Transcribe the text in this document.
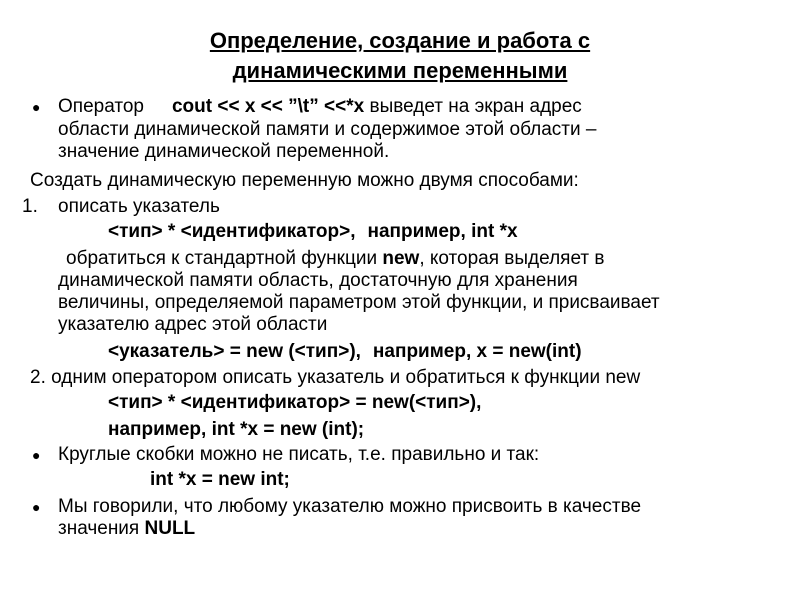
Определение, создание и работа с
динамическими переменными
● Оператор cout << x << ”\t” <<*x выведет на экран адрес
области динамической памяти и содержимое этой области –
значение динамической переменной.
Создать динамическую переменную можно двумя способами:
1. описать указатель
<тип> * <идентификатор>, например, int *x
обратиться к стандартной функции new, которая выделяет в
динамической памяти область, достаточную для хранения
величины, определяемой параметром этой функции, и присваивает
указателю адрес этой области
<указатель> = new (<тип>), например, x = new(int)
2. одним оператором описать указатель и обратиться к функции new
<тип> * <идентификатор> = new(<тип>),
например, int *x = new (int);
● Круглые скобки можно не писать, т.е. правильно и так:
int *x = new int;
● Мы говорили, что любому указателю можно присвоить в качестве
значения NULL
